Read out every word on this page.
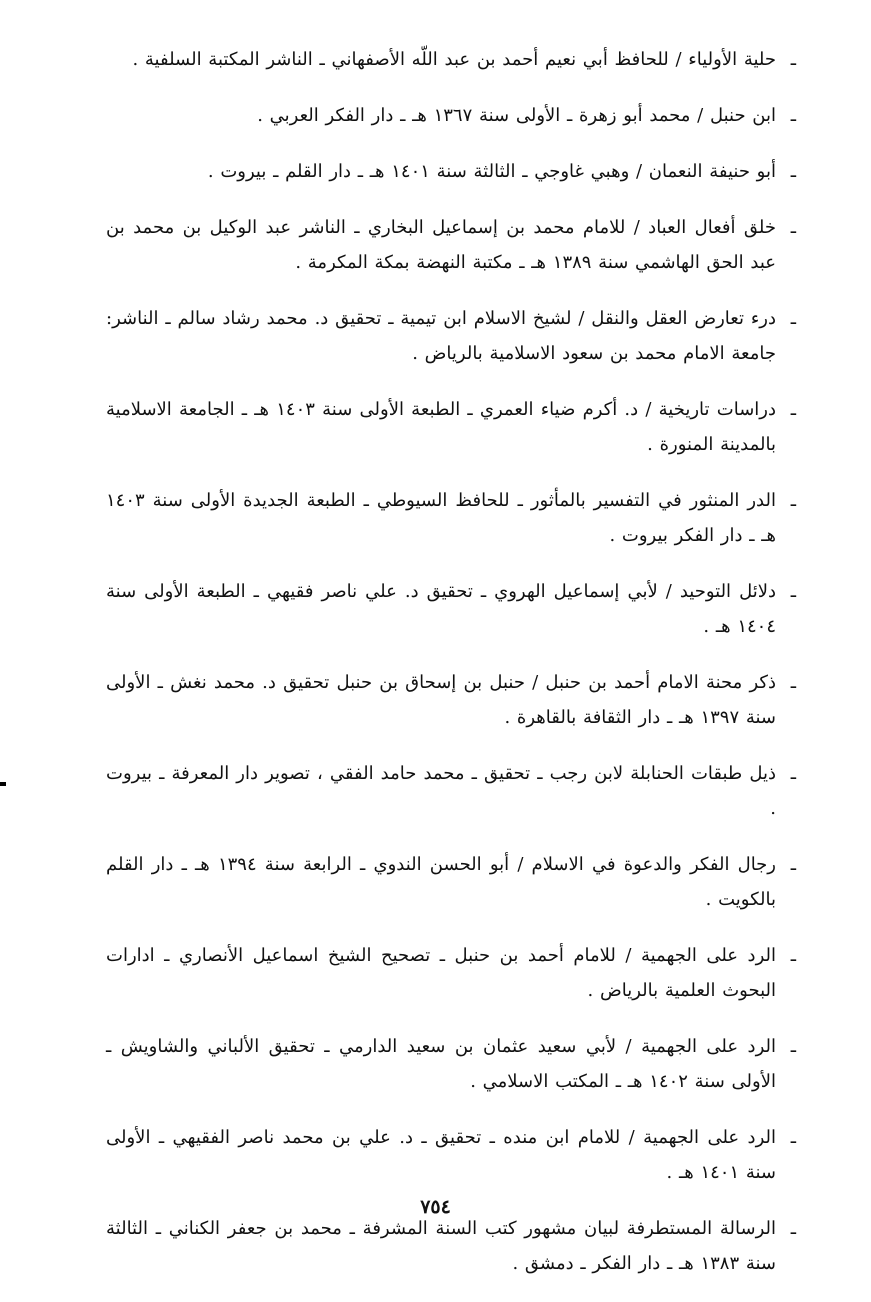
ـ
حلية الأولياء / للحافظ أبي نعيم أحمد بن عبد اللّه الأصفهاني ـ الناشر المكتبة السلفية .
ـ
ابن حنبل / محمد أبو زهرة ـ الأولى سنة ١٣٦٧ هـ ـ دار الفكر العربي .
ـ
أبو حنيفة النعمان / وهبي غاوجي ـ الثالثة سنة ١٤٠١ هـ ـ دار القلم ـ بيروت .
ـ
خلق أفعال العباد / للامام محمد بن إسماعيل البخاري ـ الناشر عبد الوكيل بن محمد بن عبد الحق الهاشمي سنة ١٣٨٩ هـ ـ مكتبة النهضة بمكة المكرمة .
ـ
درء تعارض العقل والنقل / لشيخ الاسلام ابن تيمية ـ تحقيق د. محمد رشاد سالم ـ الناشر: جامعة الامام محمد بن سعود الاسلامية بالرياض .
ـ
دراسات تاريخية / د. أكرم ضياء العمري ـ الطبعة الأولى سنة ١٤٠٣ هـ ـ الجامعة الاسلامية بالمدينة المنورة .
ـ
الدر المنثور في التفسير بالمأثور ـ للحافظ السيوطي ـ الطبعة الجديدة الأولى سنة ١٤٠٣ هـ ـ دار الفكر بيروت .
ـ
دلائل التوحيد / لأبي إسماعيل الهروي ـ تحقيق د. علي ناصر فقيهي ـ الطبعة الأولى سنة ١٤٠٤ هـ .
ـ
ذكر محنة الامام أحمد بن حنبل / حنبل بن إسحاق بن حنبل تحقيق د. محمد نغش ـ الأولى سنة ١٣٩٧ هـ ـ دار الثقافة بالقاهرة .
ـ
ذيل طبقات الحنابلة لابن رجب ـ تحقيق ـ محمد حامد الفقي ، تصوير دار المعرفة ـ بيروت .
ـ
رجال الفكر والدعوة في الاسلام / أبو الحسن الندوي ـ الرابعة سنة ١٣٩٤ هـ ـ دار القلم بالكويت .
ـ
الرد على الجهمية / للامام أحمد بن حنبل ـ تصحيح الشيخ اسماعيل الأنصاري ـ ادارات البحوث العلمية بالرياض .
ـ
الرد على الجهمية / لأبي سعيد عثمان بن سعيد الدارمي ـ تحقيق الألباني والشاويش ـ الأولى سنة ١٤٠٢ هـ ـ المكتب الاسلامي .
ـ
الرد على الجهمية / للامام ابن منده ـ تحقيق ـ د. علي بن محمد ناصر الفقيهي ـ الأولى سنة ١٤٠١ هـ .
ـ
الرسالة المستطرفة لبيان مشهور كتب السنة المشرفة ـ محمد بن جعفر الكناني ـ الثالثة سنة ١٣٨٣ هـ ـ دار الفكر ـ دمشق .
٧٥٤
